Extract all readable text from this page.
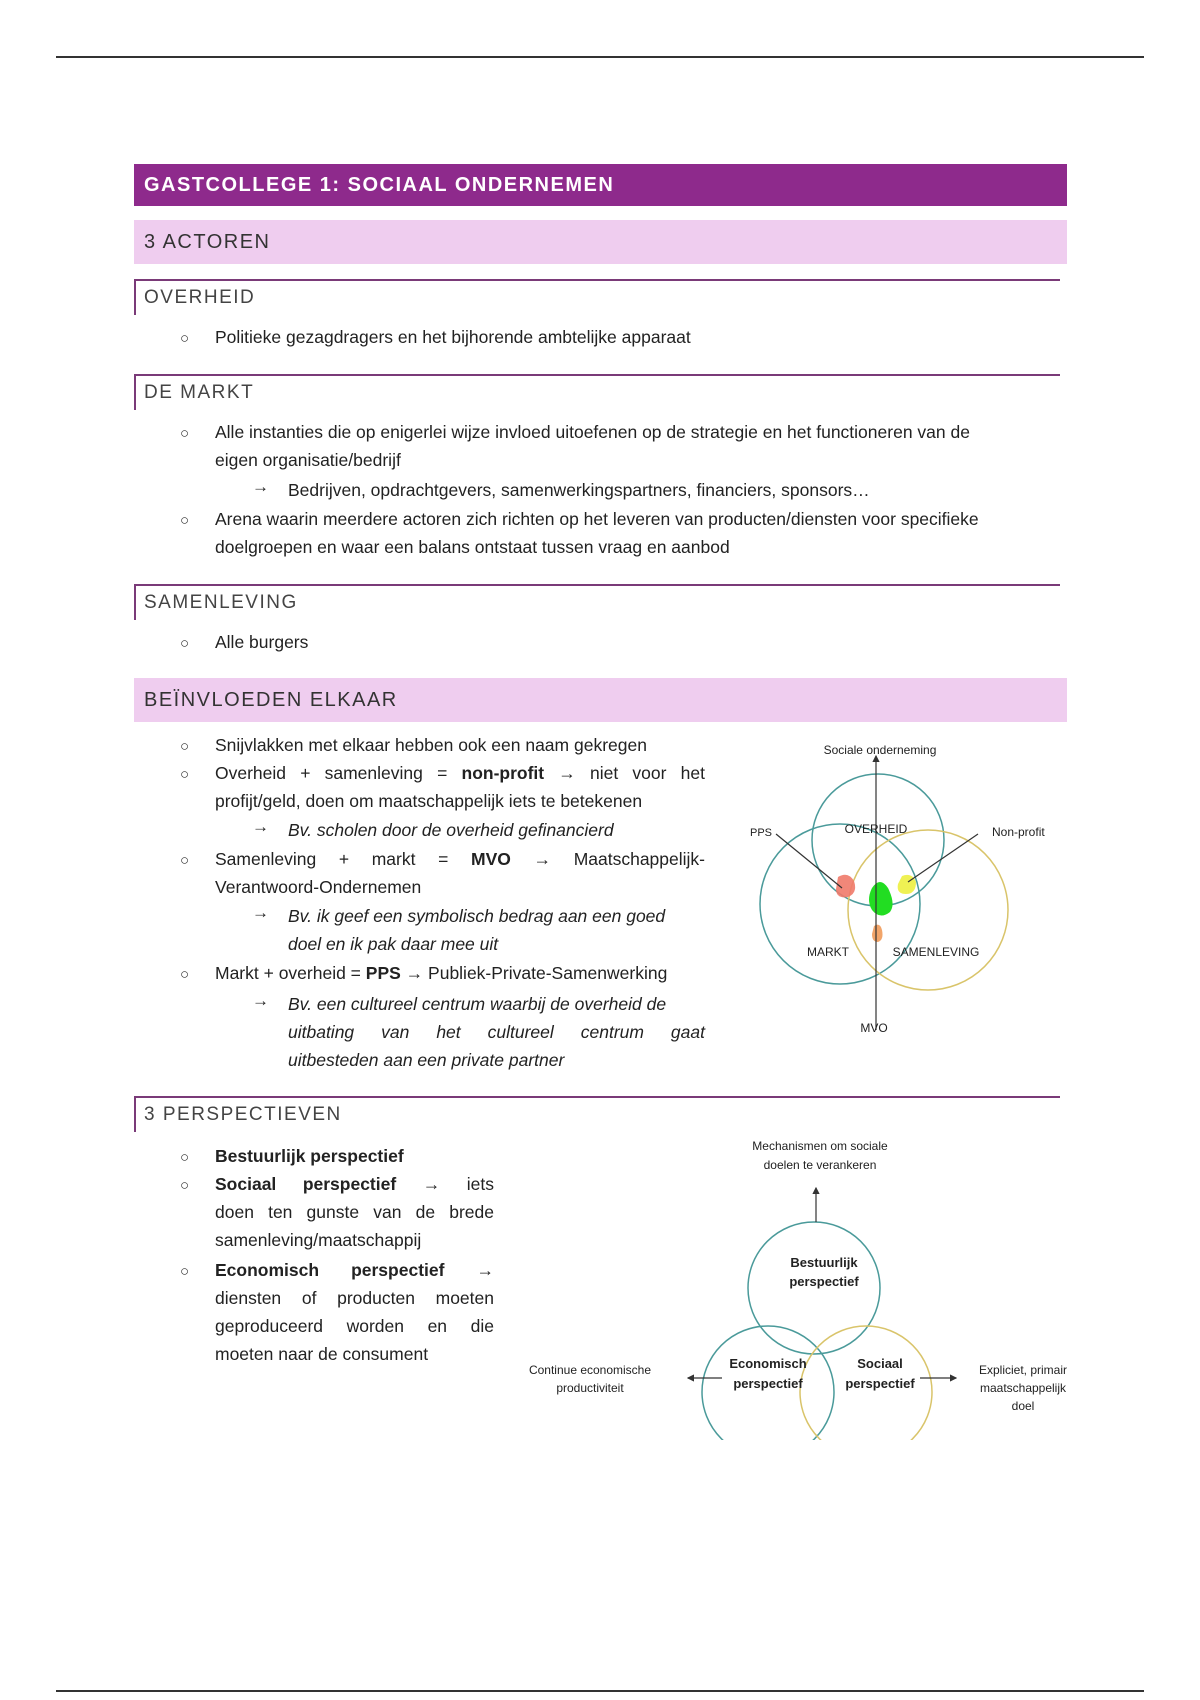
GASTCOLLEGE 1: SOCIAAL ONDERNEMEN
3 ACTOREN
OVERHEID
○ Politieke gezagdragers en het bijhorende ambtelijke apparaat
DE MARKT
○ Alle instanties die op enigerlei wijze invloed uitoefenen op de strategie en het functioneren van de
eigen organisatie/bedrijf
→ Bedrijven, opdrachtgevers, samenwerkingspartners, financiers, sponsors…
○ Arena waarin meerdere actoren zich richten op het leveren van producten/diensten voor specifieke
doelgroepen en waar een balans ontstaat tussen vraag en aanbod
SAMENLEVING
○ Alle burgers
BEÏNVLOEDEN ELKAAR
○ Snijvlakken met elkaar hebben ook een naam gekregen
○ Overheid + samenleving = non-profit → niet voor het
profijt/geld, doen om maatschappelijk iets te betekenen
→ Bv. scholen door de overheid gefinancierd
○ Samenleving + markt = MVO → Maatschappelijk-
Verantwoord-Ondernemen
→ Bv. ik geef een symbolisch bedrag aan een goed
doel en ik pak daar mee uit
○ Markt + overheid = PPS → Publiek-Private-Samenwerking
→ Bv. een cultureel centrum waarbij de overheid de
uitbating van het cultureel centrum gaat
uitbesteden aan een private partner
Sociale onderneming
PPS	Non-profit
OVERHEID
MARKT	SAMENLEVING
MVO
3 PERSPECTIEVEN
○ Bestuurlijk perspectief
○ Sociaal perspectief → iets
doen ten gunste van de brede
samenleving/maatschappij
○ Economisch perspectief →
diensten of producten moeten
geproduceerd worden en die
moeten naar de consument
Mechanismen om sociale
doelen te verankeren
Continue economische
productiviteit
Expliciet, primair
maatschappelijk
doel
Bestuurlijk
perspectief
Economisch
perspectief
Sociaal
perspectief
